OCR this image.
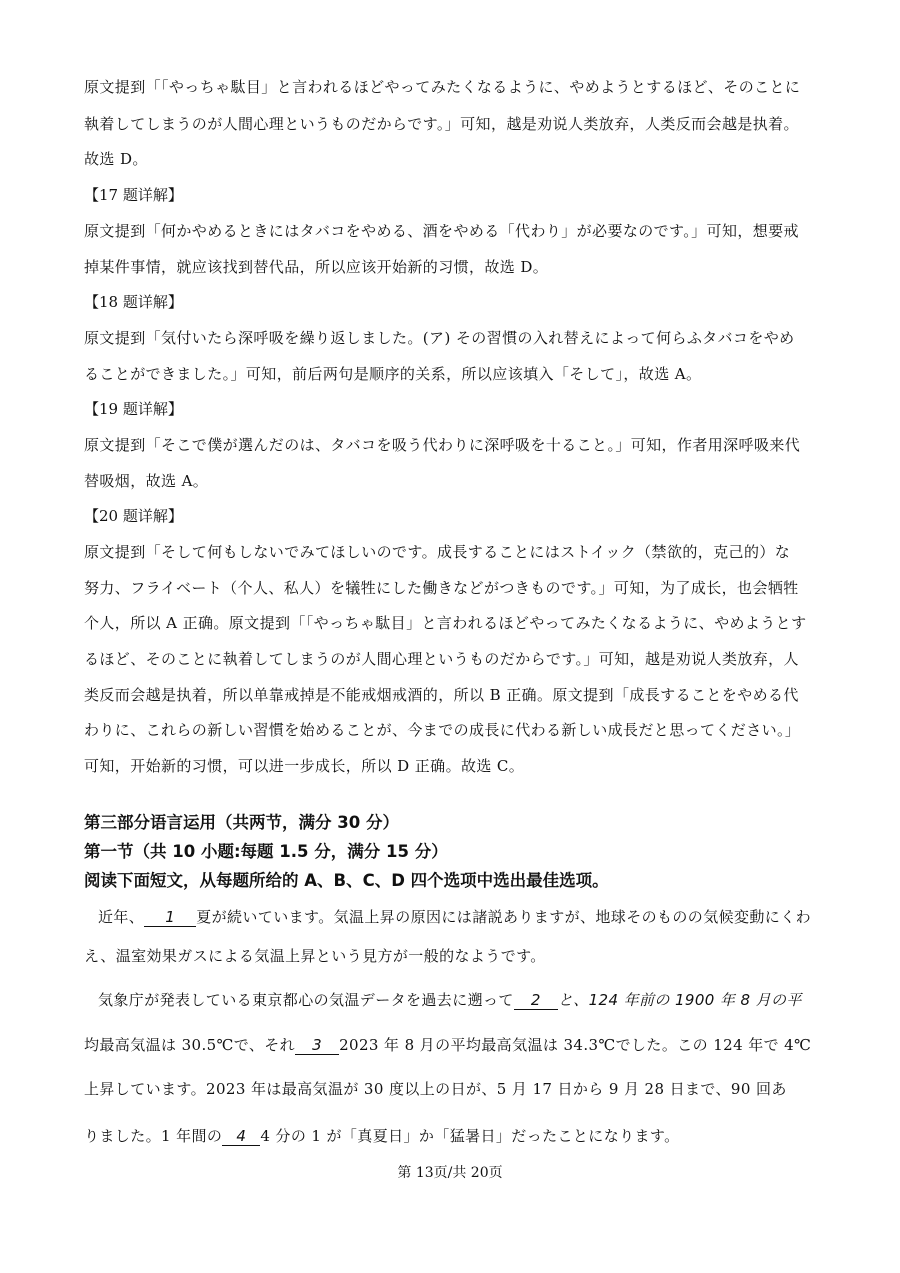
原文提到「「やっちゃ駄目」と言われるほどやってみたくなるように、やめようとするほど、そのことに
執着してしまうのが人間心理というものだからです。」可知，越是劝说人类放弃，人类反而会越是执着。
故选 D。
【17 题详解】
原文提到「何かやめるときにはタバコをやめる、酒をやめる「代わり」が必要なのです。」可知，想要戒
掉某件事情，就应该找到替代品，所以应该开始新的习惯，故选 D。
【18 题详解】
原文提到「気付いたら深呼吸を繰り返しました。(ア) その習慣の入れ替えによって何らふタバコをやめ
ることができました。」可知，前后两句是顺序的关系，所以应该填入「そして」，故选 A。
【19 题详解】
原文提到「そこで僕が選んだのは、タバコを吸う代わりに深呼吸を十ること。」可知，作者用深呼吸来代
替吸烟，故选 A。
【20 题详解】
原文提到「そして何もしないでみてほしいのです。成長することにはストイック（禁欲的，克己的）な
努力、フライベート（个人、私人）を犠牲にした働きなどがつきものです。」可知，为了成长，也会牺牲
个人，所以 A 正确。原文提到「「やっちゃ駄目」と言われるほどやってみたくなるように、やめようとす
るほど、そのことに執着してしまうのが人間心理というものだからです。」可知，越是劝说人类放弃，人
类反而会越是执着，所以单靠戒掉是不能戒烟戒酒的，所以 B 正确。原文提到「成長することをやめる代
わりに、これらの新しい習慣を始めることが、今までの成長に代わる新しい成長だと思ってください。」
可知，开始新的习惯，可以进一步成长，所以 D 正确。故选 C。
第三部分语言运用（共两节，满分 30 分）
第一节（共 10 小题:每题 1.5 分，满分 15 分）
阅读下面短文，从每题所给的 A、B、C、D 四个选项中选出最佳选项。
近年、 1 夏が続いています。気温上昇の原因には諸説ありますが、地球そのものの気候変動にくわ
え、温室効果ガスによる気温上昇という見方が一般的なようです。
気象庁が発表している東京都心の気温データを過去に遡って 2 と、124 年前の 1900 年 8 月の平
均最高気温は 30.5℃で、それ 3 2023 年 8 月の平均最高気温は 34.3℃でした。この 124 年で 4℃
上昇しています。2023 年は最高気温が 30 度以上の日が、5 月 17 日から 9 月 28 日まで、90 回あ
りました。1 年間の 4 4 分の 1 が「真夏日」か「猛暑日」だったことになります。
第 13页/共 20页
